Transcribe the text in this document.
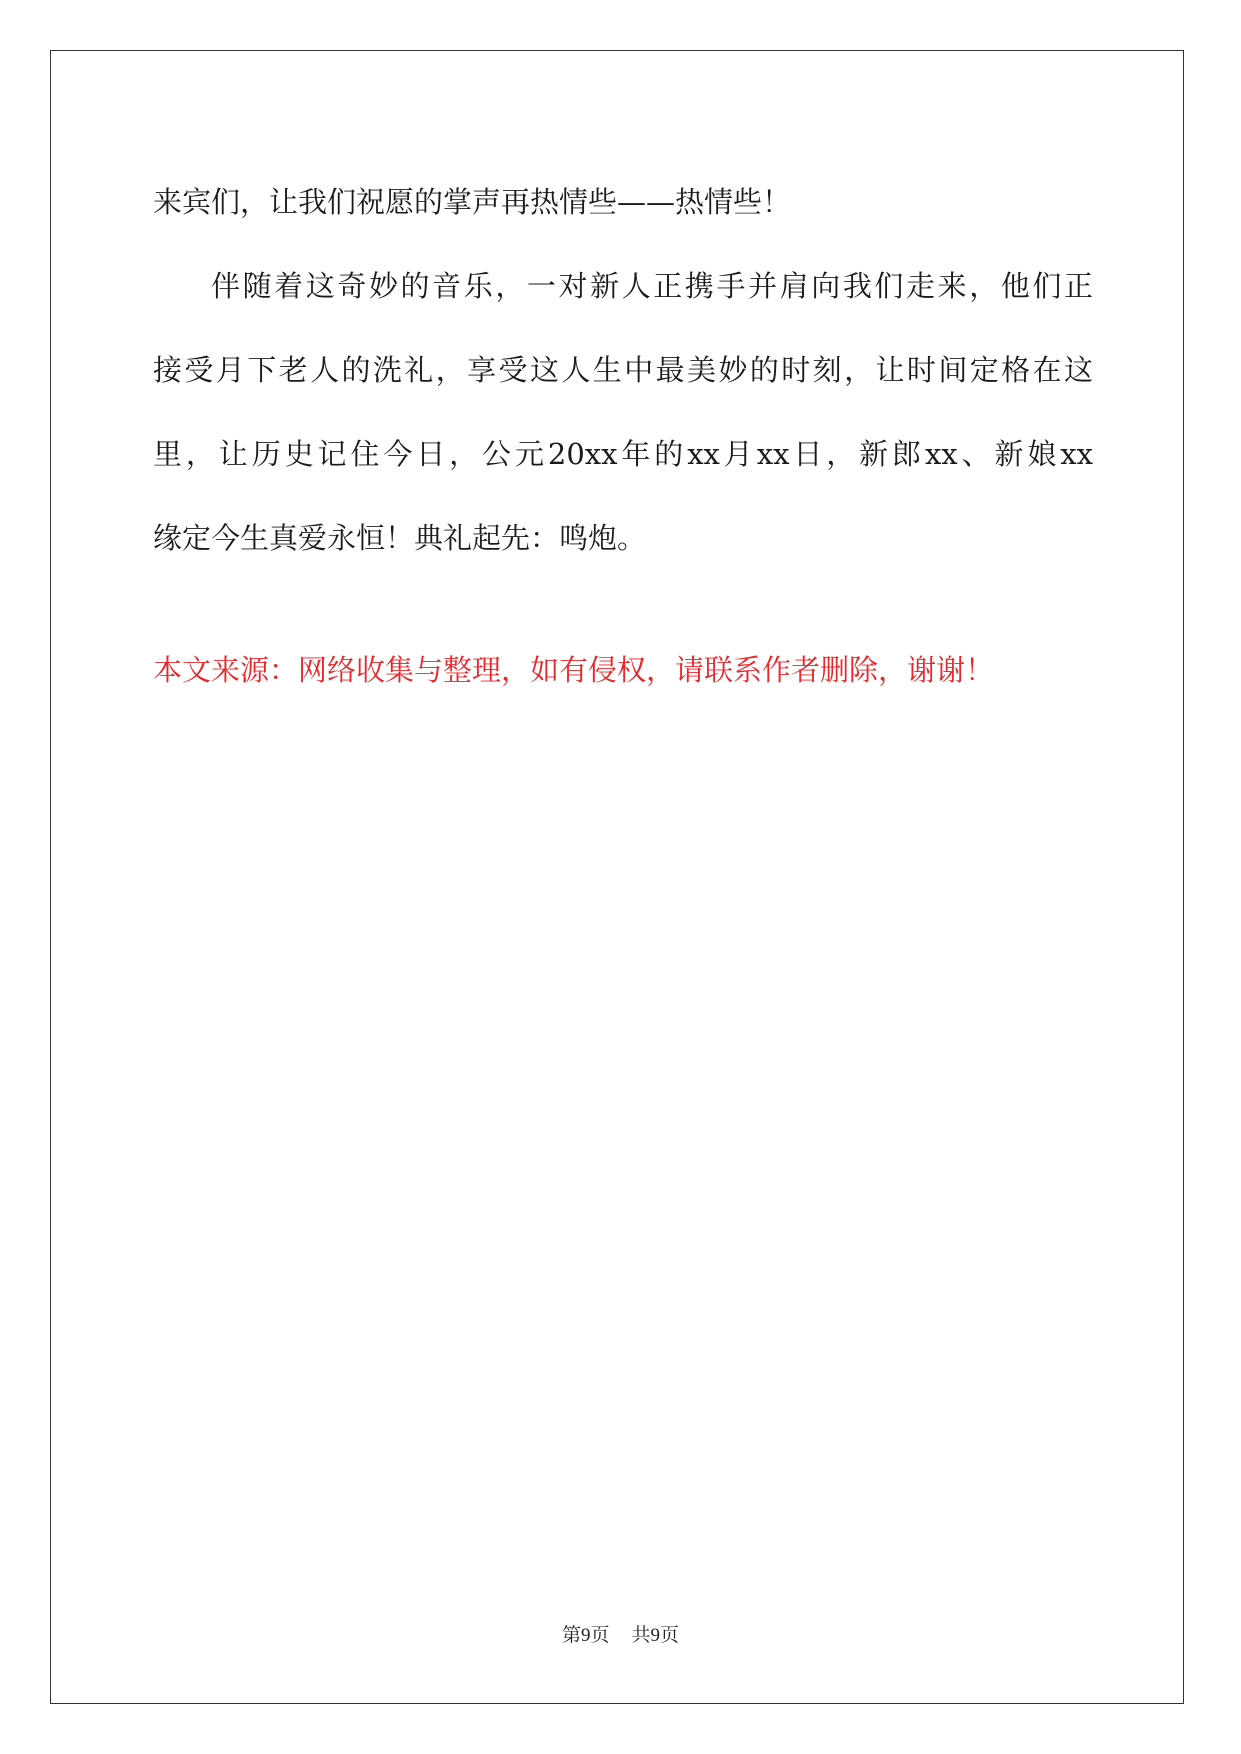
来宾们，让我们祝愿的掌声再热情些——热情些！
伴随着这奇妙的音乐，一对新人正携手并肩向我们走来，他们正
接受月下老人的洗礼，享受这人生中最美妙的时刻，让时间定格在这
里，让历史记住今日，公元20xx年的xx月xx日，新郎xx、新娘xx
缘定今生真爱永恒！典礼起先：鸣炮。
本文来源：网络收集与整理，如有侵权，请联系作者删除，谢谢！
第9页 共9页
